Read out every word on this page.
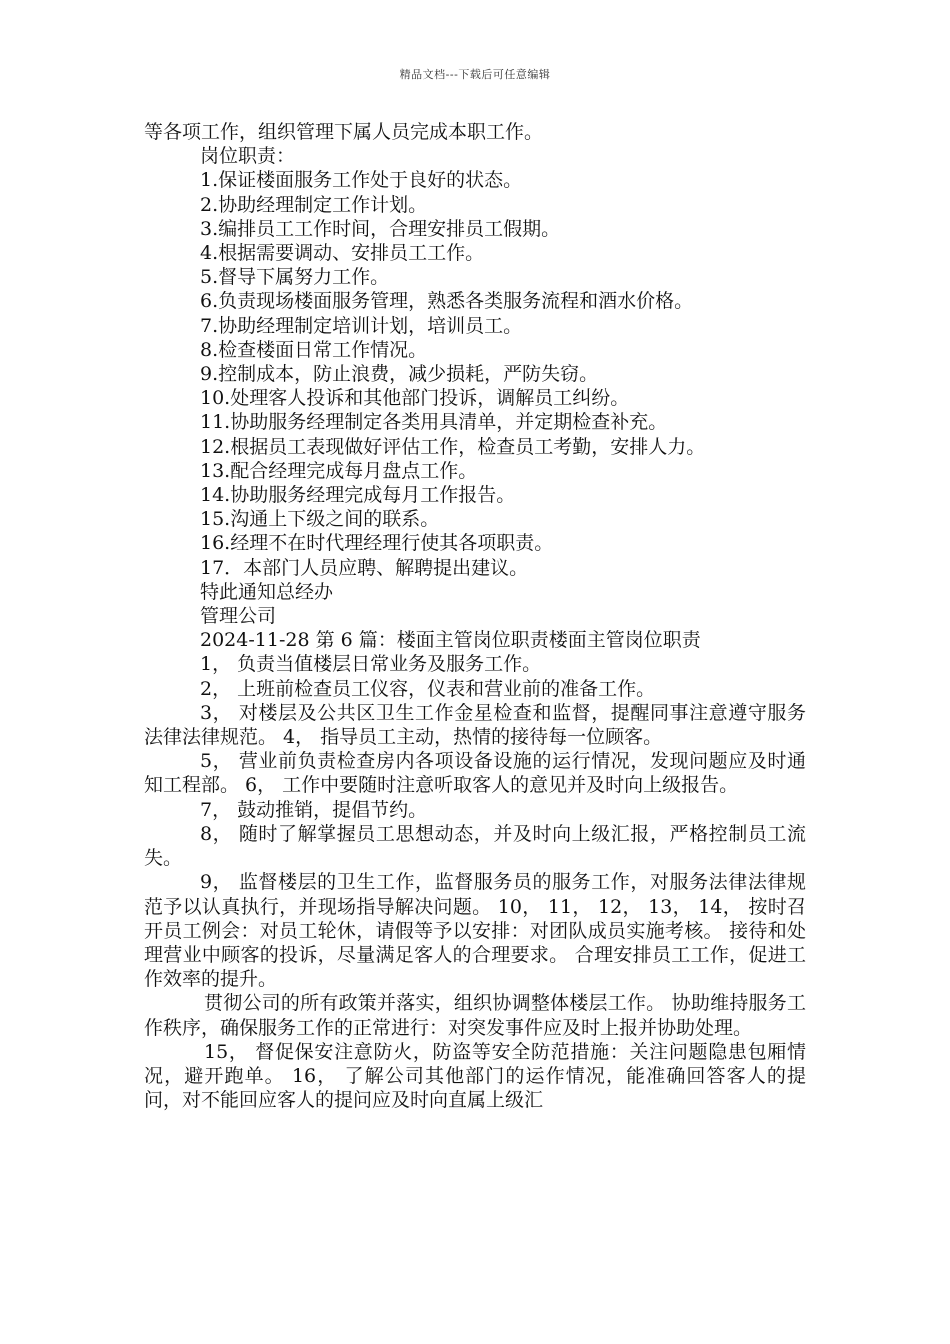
精品文档---下载后可任意编辑

等各项工作，组织管理下属人员完成本职工作。

岗位职责：

1.保证楼面服务工作处于良好的状态。

2.协助经理制定工作计划。

3.编排员工工作时间，合理安排员工假期。

4.根据需要调动、安排员工工作。

5.督导下属努力工作。

6.负责现场楼面服务管理，熟悉各类服务流程和酒水价格。

7.协助经理制定培训计划，培训员工。

8.检查楼面日常工作情况。

9.控制成本，防止浪费，减少损耗，严防失窃。

10.处理客人投诉和其他部门投诉，调解员工纠纷。

11.协助服务经理制定各类用具清单，并定期检查补充。

12.根据员工表现做好评估工作，检查员工考勤，安排人力。

13.配合经理完成每月盘点工作。

14.协助服务经理完成每月工作报告。

15.沟通上下级之间的联系。

16.经理不在时代理经理行使其各项职责。

17．本部门人员应聘、解聘提出建议。

特此通知总经办

管理公司

2024-11-28 第 6 篇：楼面主管岗位职责楼面主管岗位职责

1， 负责当值楼层日常业务及服务工作。

2， 上班前检查员工仪容，仪表和营业前的准备工作。

3， 对楼层及公共区卫生工作金星检查和监督，提醒同事注意遵守服务法律法律规范。 4， 指导员工主动，热情的接待每一位顾客。

5， 营业前负责检查房内各项设备设施的运行情况，发现问题应及时通知工程部。 6， 工作中要随时注意听取客人的意见并及时向上级报告。

7， 鼓动推销，提倡节约。

8， 随时了解掌握员工思想动态，并及时向上级汇报，严格控制员工流失。

9， 监督楼层的卫生工作，监督服务员的服务工作，对服务法律法律规范予以认真执行，并现场指导解决问题。 10， 11， 12， 13， 14， 按时召开员工例会：对员工轮休，请假等予以安排：对团队成员实施考核。 接待和处理营业中顾客的投诉，尽量满足客人的合理要求。 合理安排员工工作，促进工作效率的提升。

贯彻公司的所有政策并落实，组织协调整体楼层工作。 协助维持服务工作秩序，确保服务工作的正常进行：对突发事件应及时上报并协助处理。

15， 督促保安注意防火，防盗等安全防范措施：关注问题隐患包厢情况，避开跑单。 16， 了解公司其他部门的运作情况，能准确回答客人的提问，对不能回应客人的提问应及时向直属上级汇
